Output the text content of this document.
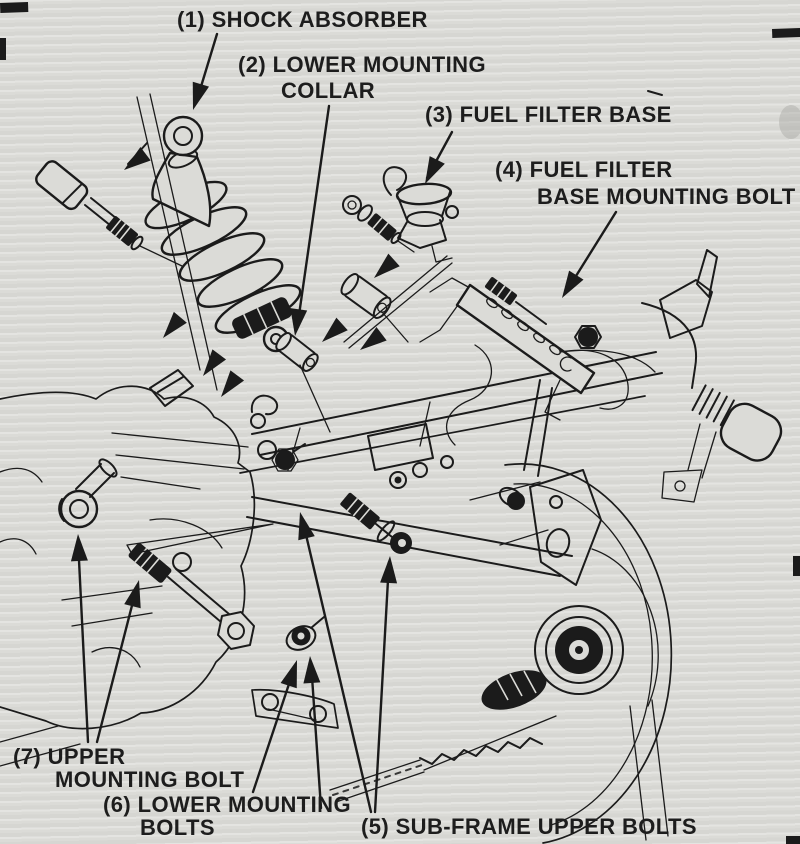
(1) SHOCK ABSORBER
(2) LOWER MOUNTING
COLLAR
(3) FUEL FILTER BASE
(4) FUEL FILTER
BASE MOUNTING BOLT
(7) UPPER
MOUNTING BOLT
(6) LOWER MOUNTING
BOLTS	(5) SUB-FRAME UPPER BOLTS
